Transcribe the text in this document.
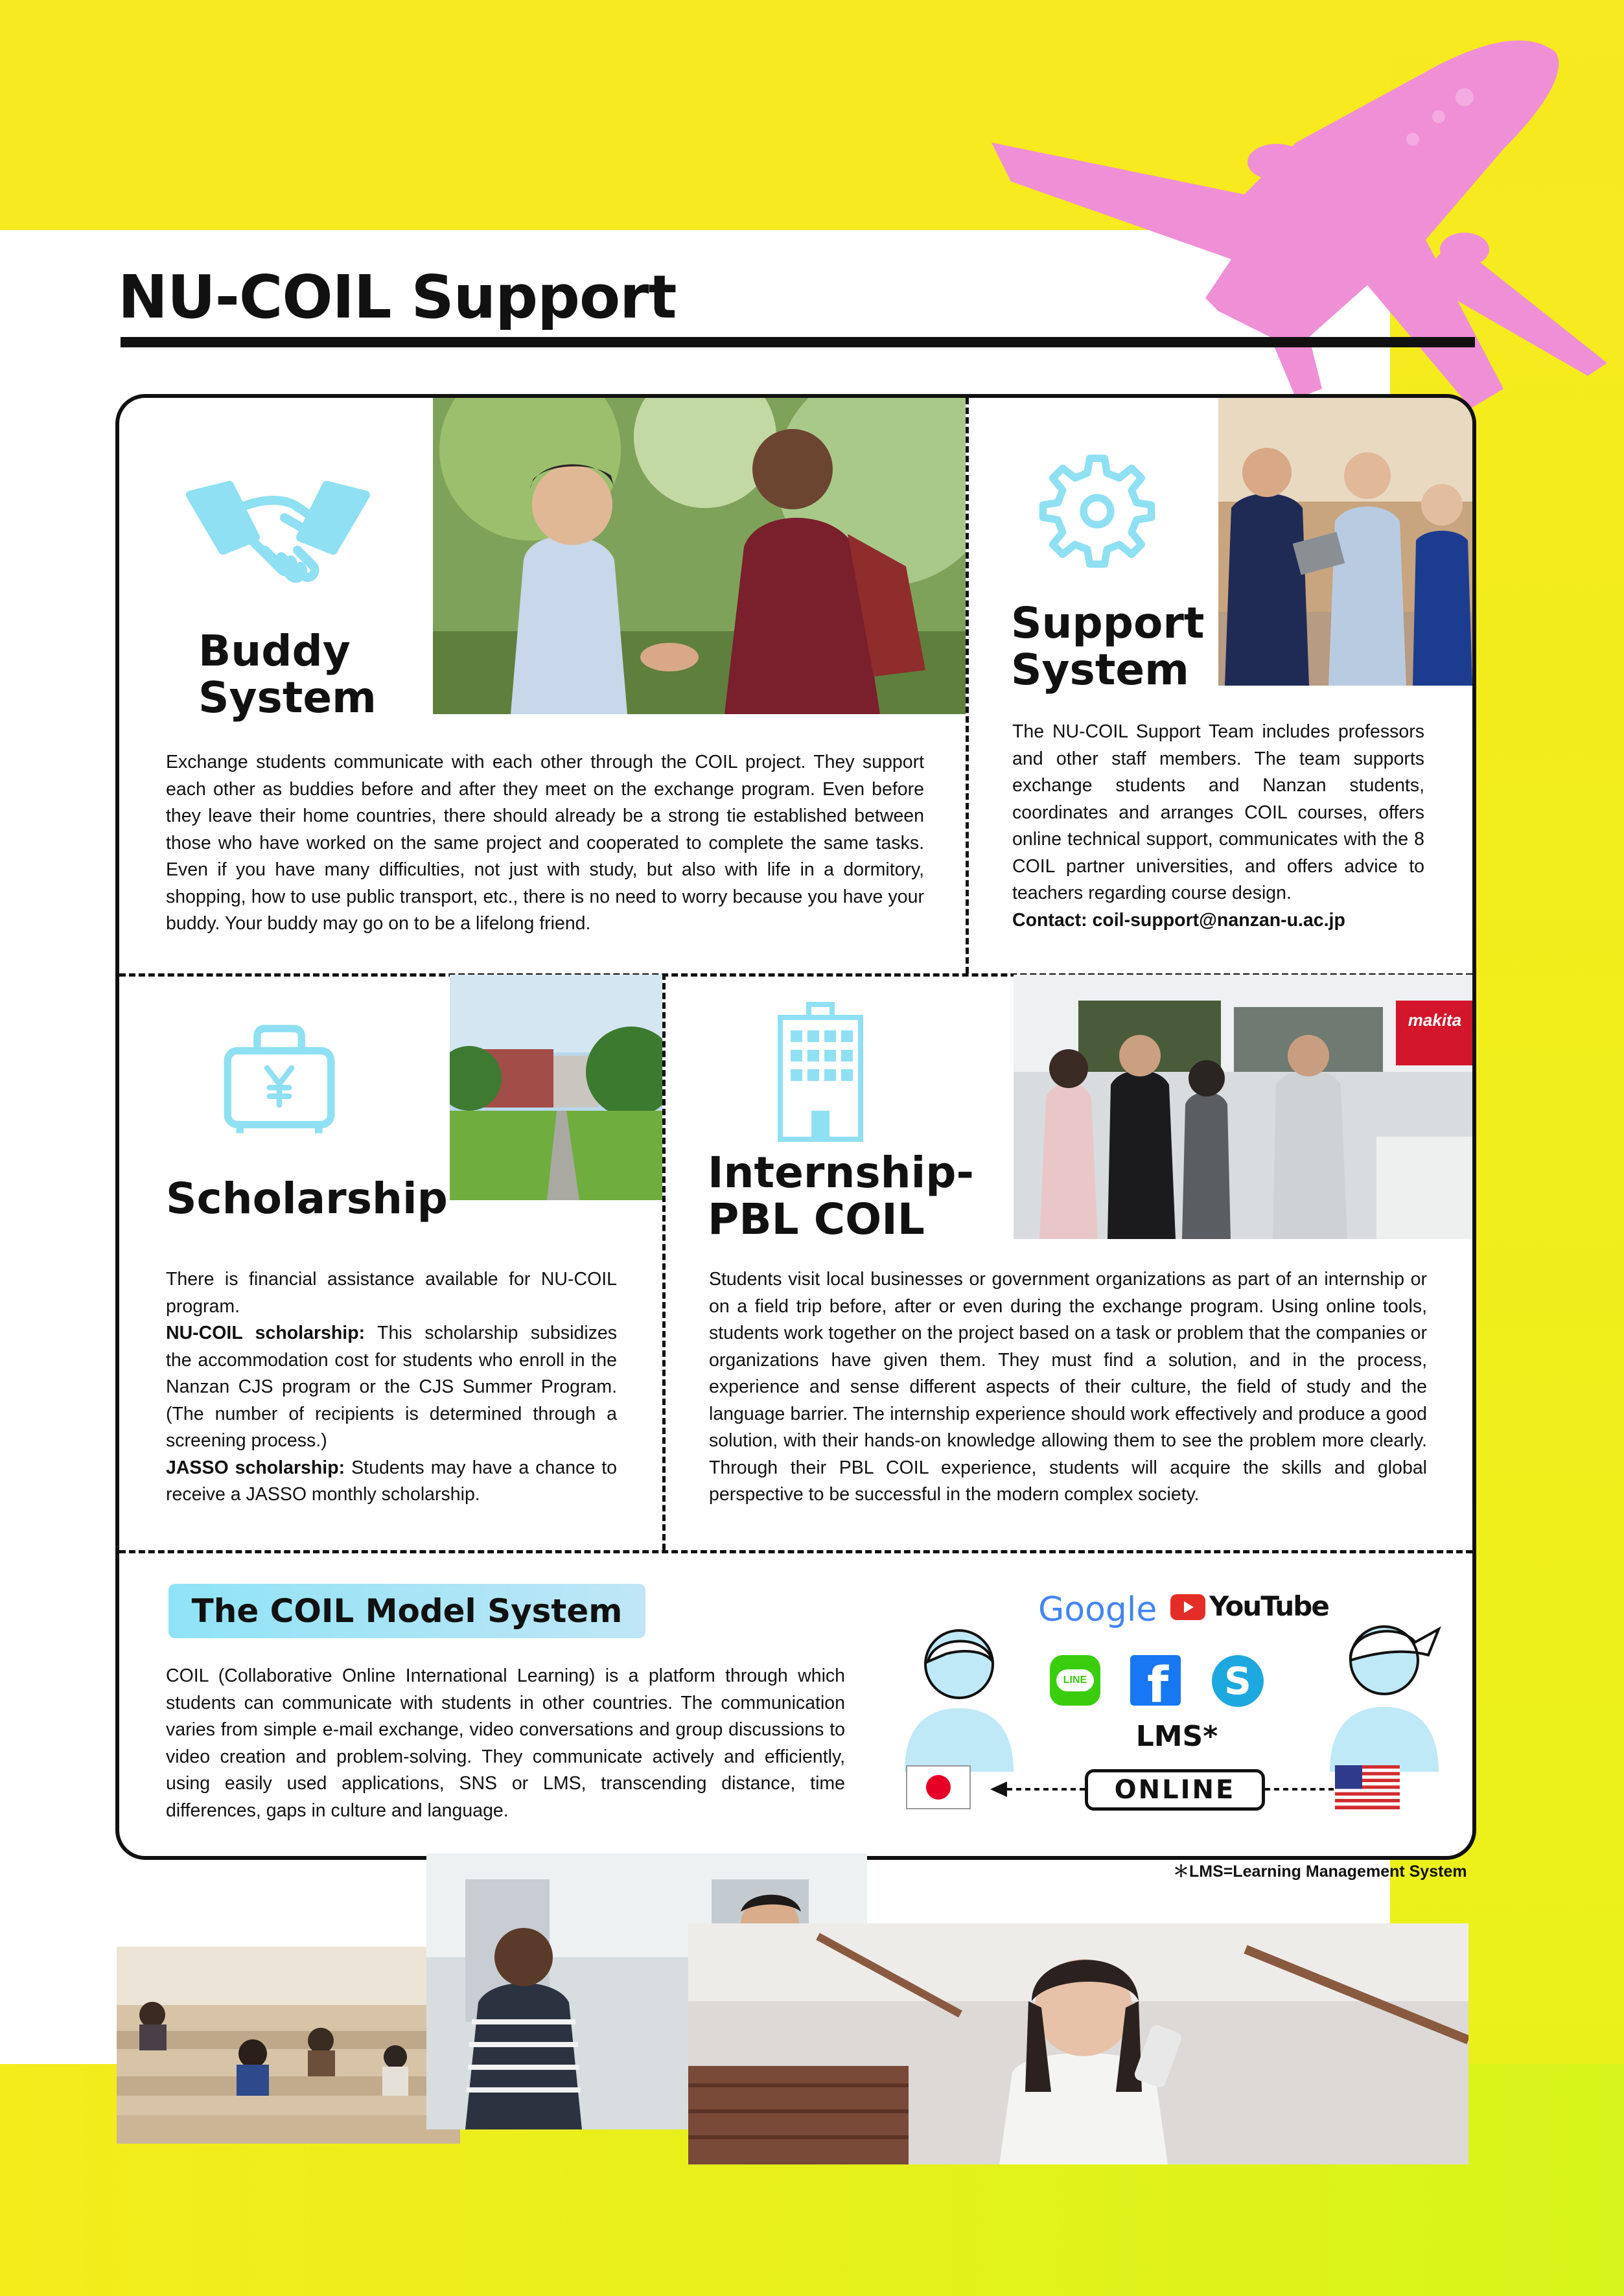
NU-COIL Support
Buddy
System

Exchange students communicate with each other through the COIL project. They support each other as buddies before and after they meet on the exchange program. Even before they leave their home countries, there should already be a strong tie established between those who have worked on the same project and cooperated to complete the same tasks. Even if you have many difficulties, not just with study, but also with life in a dormitory, shopping, how to use public transport, etc., there is no need to worry because you have your buddy. Your buddy may go on to be a lifelong friend.

Support
System
The NU-COIL Support Team includes professors and other staff members. The team supports exchange students and Nanzan students, coordinates and arranges COIL courses, offers online technical support, communicates with the 8 COIL partner universities, and offers advice to teachers regarding course design.
Contact: coil-support@nanzan-u.ac.jp
Scholarship
There is financial assistance available for NU-COIL program.
NU-COIL scholarship: This scholarship subsidizes the accommodation cost for students who enroll in the Nanzan CJS program or the CJS Summer Program. (The number of recipients is determined through a screening process.)
JASSO scholarship: Students may have a chance to receive a JASSO monthly scholarship.
Internship-
PBL COIL
makita

Students visit local businesses or government organizations as part of an internship or on a field trip before, after or even during the exchange program. Using online tools, students work together on the project based on a task or problem that the companies or organizations have given them. They must find a solution, and in the process, experience and sense different aspects of their culture, the field of study and the language barrier. The internship experience should work effectively and produce a good solution, with their hands-on knowledge allowing them to see the problem more clearly. Through their PBL COIL experience, students will acquire the skills and global perspective to be successful in the modern complex society.

The COIL Model System

COIL (Collaborative Online International Learning) is a platform through which students can communicate with students in other countries. The communication varies from simple e-mail exchange, video conversations and group discussions to video creation and problem-solving. They communicate actively and efficiently, using easily used applications, SNS or LMS, transcending distance, time differences, gaps in culture and language.

Google YouTube
LINE f	S
LMS*
ONLINE
＊LMS=Learning Management System
